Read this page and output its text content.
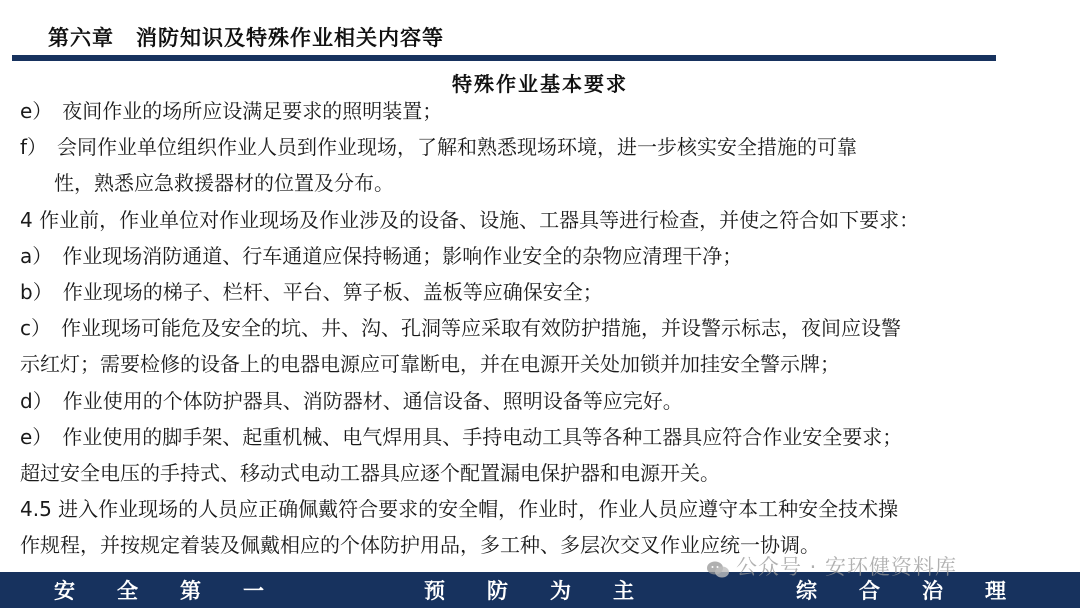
第六章　消防知识及特殊作业相关内容等
特殊作业基本要求
e）　夜间作业的场所应设满足要求的照明装置；
f）　会同作业单位组织作业人员到作业现场，了解和熟悉现场环境，进一步核实安全措施的可靠
性，熟悉应急救援器材的位置及分布。
4 作业前，作业单位对作业现场及作业涉及的设备、设施、工器具等进行检查，并使之符合如下要求：
a）　作业现场消防通道、行车通道应保持畅通；影响作业安全的杂物应清理干净；
b）　作业现场的梯子、栏杆、平台、箅子板、盖板等应确保安全；
c）　作业现场可能危及安全的坑、井、沟、孔洞等应采取有效防护措施，并设警示标志，夜间应设警
示红灯；需要检修的设备上的电器电源应可靠断电，并在电源开关处加锁并加挂安全警示牌；
d）　作业使用的个体防护器具、消防器材、通信设备、照明设备等应完好。
e）　作业使用的脚手架、起重机械、电气焊用具、手持电动工具等各种工器具应符合作业安全要求；
超过安全电压的手持式、移动式电动工器具应逐个配置漏电保护器和电源开关。
4.5 进入作业现场的人员应正确佩戴符合要求的安全帽，作业时，作业人员应遵守本工种安全技术操
作规程，并按规定着装及佩戴相应的个体防护用品，多工种、多层次交叉作业应统一协调。
安全第一	预防为主	综合治理
公众号 · 安环健资料库
